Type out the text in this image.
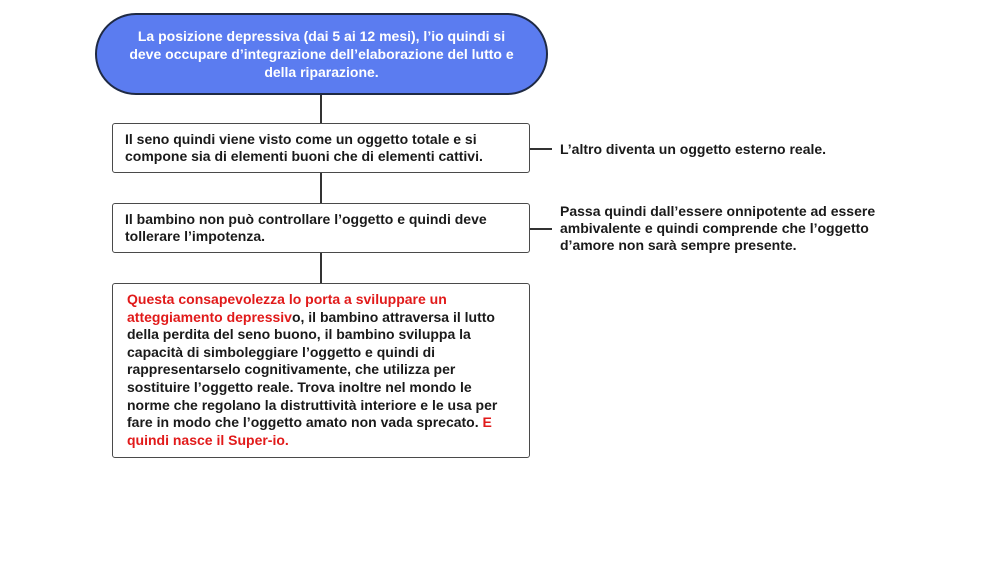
La posizione depressiva (dai 5 ai 12 mesi), l’io quindi si deve occupare d’integrazione dell’elaborazione del lutto e della riparazione.
Il seno quindi viene visto come un oggetto totale e si compone sia di elementi buoni che di elementi cattivi.
Il bambino non può controllare l’oggetto e quindi deve tollerare l’impotenza.
Questa consapevolezza lo porta a sviluppare un atteggiamento depressivo, il bambino attraversa il lutto della perdita del seno buono, il bambino sviluppa la capacità di simboleggiare l’oggetto e quindi di rappresentarselo cognitivamente, che utilizza per sostituire l’oggetto reale. Trova inoltre nel mondo le norme che regolano la distruttività interiore e le usa per fare in modo che l’oggetto amato non vada sprecato. E quindi nasce il Super-io.
L’altro diventa un oggetto esterno reale.
Passa quindi dall’essere onnipotente ad essere ambivalente e quindi comprende che l’oggetto d’amore non sarà sempre presente.
